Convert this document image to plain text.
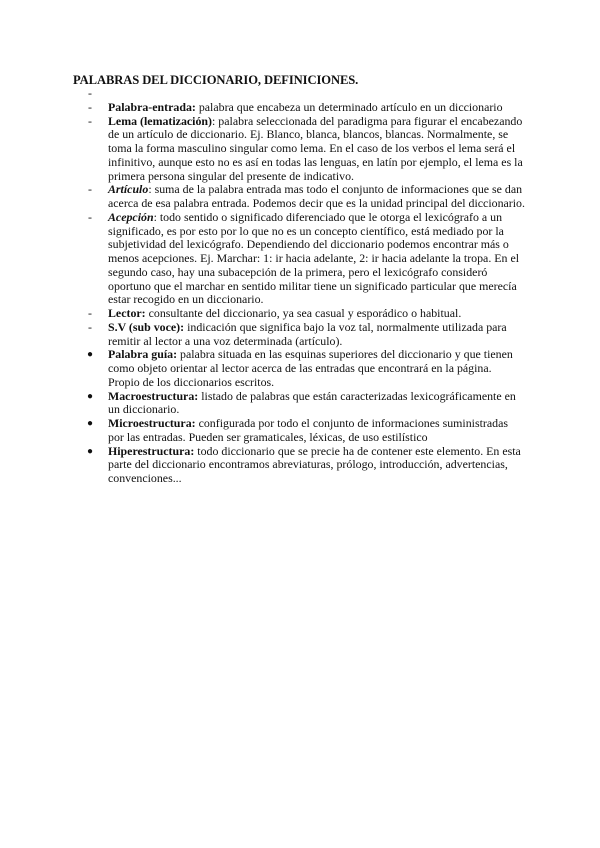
PALABRAS DEL DICCIONARIO, DEFINICIONES.
-

-	Palabra-entrada: palabra que encabeza un determinado artículo en un diccionario
-	Lema (lematización): palabra seleccionada del paradigma para figurar el encabezando de un artículo de diccionario. Ej. Blanco, blanca, blancos, blancas. Normalmente, se toma la forma masculino singular como lema. En el caso de los verbos el lema será el infinitivo, aunque esto no es así en todas las lenguas, en latín por ejemplo, el lema es la primera persona singular del presente de indicativo.
-	Artículo: suma de la palabra entrada mas todo el conjunto de informaciones que se dan acerca de esa palabra entrada. Podemos decir que es la unidad principal del diccionario.
-	Acepción: todo sentido o significado diferenciado que le otorga el lexicógrafo a un significado, es por esto por lo que no es un concepto científico, está mediado por la subjetividad del lexicógrafo. Dependiendo del diccionario podemos encontrar más o menos acepciones. Ej. Marchar: 1: ir hacia adelante, 2: ir hacia adelante la tropa. En el segundo caso, hay una subacepción de la primera, pero el lexicógrafo consideró oportuno que el marchar en sentido militar tiene un significado particular que merecía estar recogido en un diccionario.
-	Lector: consultante del diccionario, ya sea casual y esporádico o habitual.
-	S.V (sub voce): indicación que significa bajo la voz tal, normalmente utilizada para remitir al lector a una voz determinada (artículo).
●	Palabra guía: palabra situada en las esquinas superiores del diccionario y que tienen como objeto orientar al lector acerca de las entradas que encontrará en la página. Propio de los diccionarios escritos.
●	Macroestructura: listado de palabras que están caracterizadas lexicográficamente en un diccionario.
●	Microestructura: configurada por todo el conjunto de informaciones suministradas por las entradas. Pueden ser gramaticales, léxicas, de uso estilístico
●	Hiperestructura: todo diccionario que se precie ha de contener este elemento. En esta parte del diccionario encontramos abreviaturas, prólogo, introducción, advertencias, convenciones...
